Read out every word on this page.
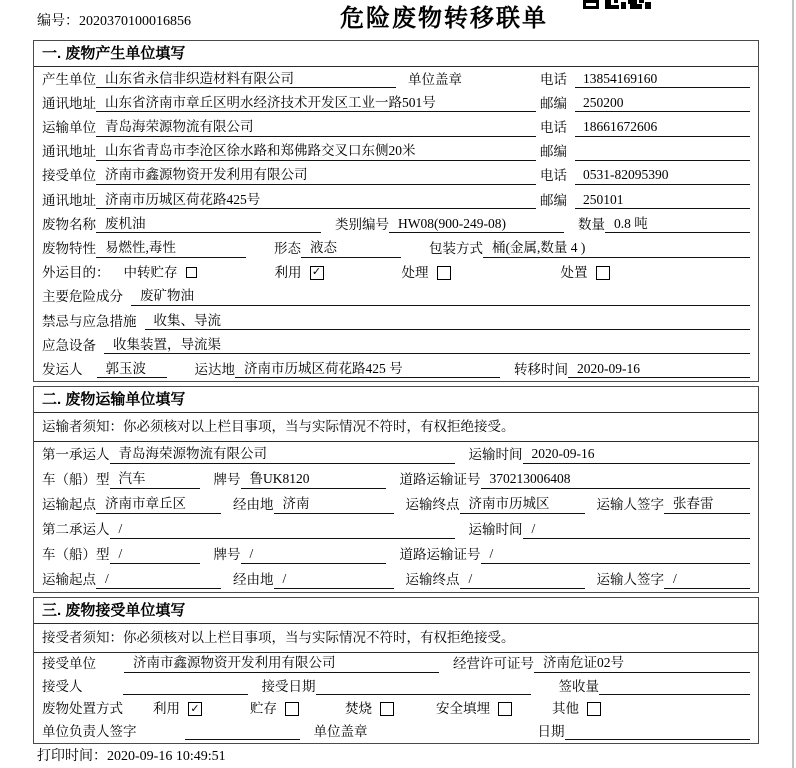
编号：2020370100016856	危险废物转移联单
一. 废物产生单位填写
产生单位 山东省永信非织造材料有限公司	单位盖章	电话	13854169160
通讯地址 山东省济南市章丘区明水经济技术开发区工业一路501号	邮编	250200
运输单位 青岛海荣源物流有限公司	电话	18661672606
通讯地址 山东省青岛市李沧区徐水路和郑佛路交叉口东侧20米	邮编
接受单位 济南市鑫源物资开发利用有限公司	电话	0531-82095390
通讯地址 济南市历城区荷花路425号	邮编	250101
废物名称 废机油	类别编号 HW08(900-249-08)	数量 0.8 吨
废物特性 易燃性,毒性	形态 液态	包装方式 桶(金属,数量 4 )
外运目的： 中转贮存	利用 ✓	处理	处置
主要危险成分	废矿物油
禁忌与应急措施	收集、导流
应急设备	收集装置，导流渠
发运人	郭玉波	运达地 济南市历城区荷花路425 号	转移时间 2020-09-16
二. 废物运输单位填写
运输者须知：你必须核对以上栏目事项，当与实际情况不符时，有权拒绝接受。
第一承运人 青岛海荣源物流有限公司	运输时间 2020-09-16
车（船）型 汽车	牌号 鲁UK8120	道路运输证号 370213006408
运输起点 济南市章丘区	经由地 济南	运输终点 济南市历城区	运输人签字 张春雷
第二承运人 /	运输时间 /
车（船）型 /	牌号 /	道路运输证号 /
运输起点 /	经由地 /	运输终点 /	运输人签字 /
三. 废物接受单位填写
接受者须知：你必须核对以上栏目事项，当与实际情况不符时，有权拒绝接受。
接受单位	济南市鑫源物资开发利用有限公司	经营许可证号 济南危证02号
接受人	接受日期	签收量
废物处置方式 利用 ✓	贮存	焚烧	安全填埋	其他
单位负责人签字	单位盖章	日期
打印时间：2020-09-16 10:49:51
